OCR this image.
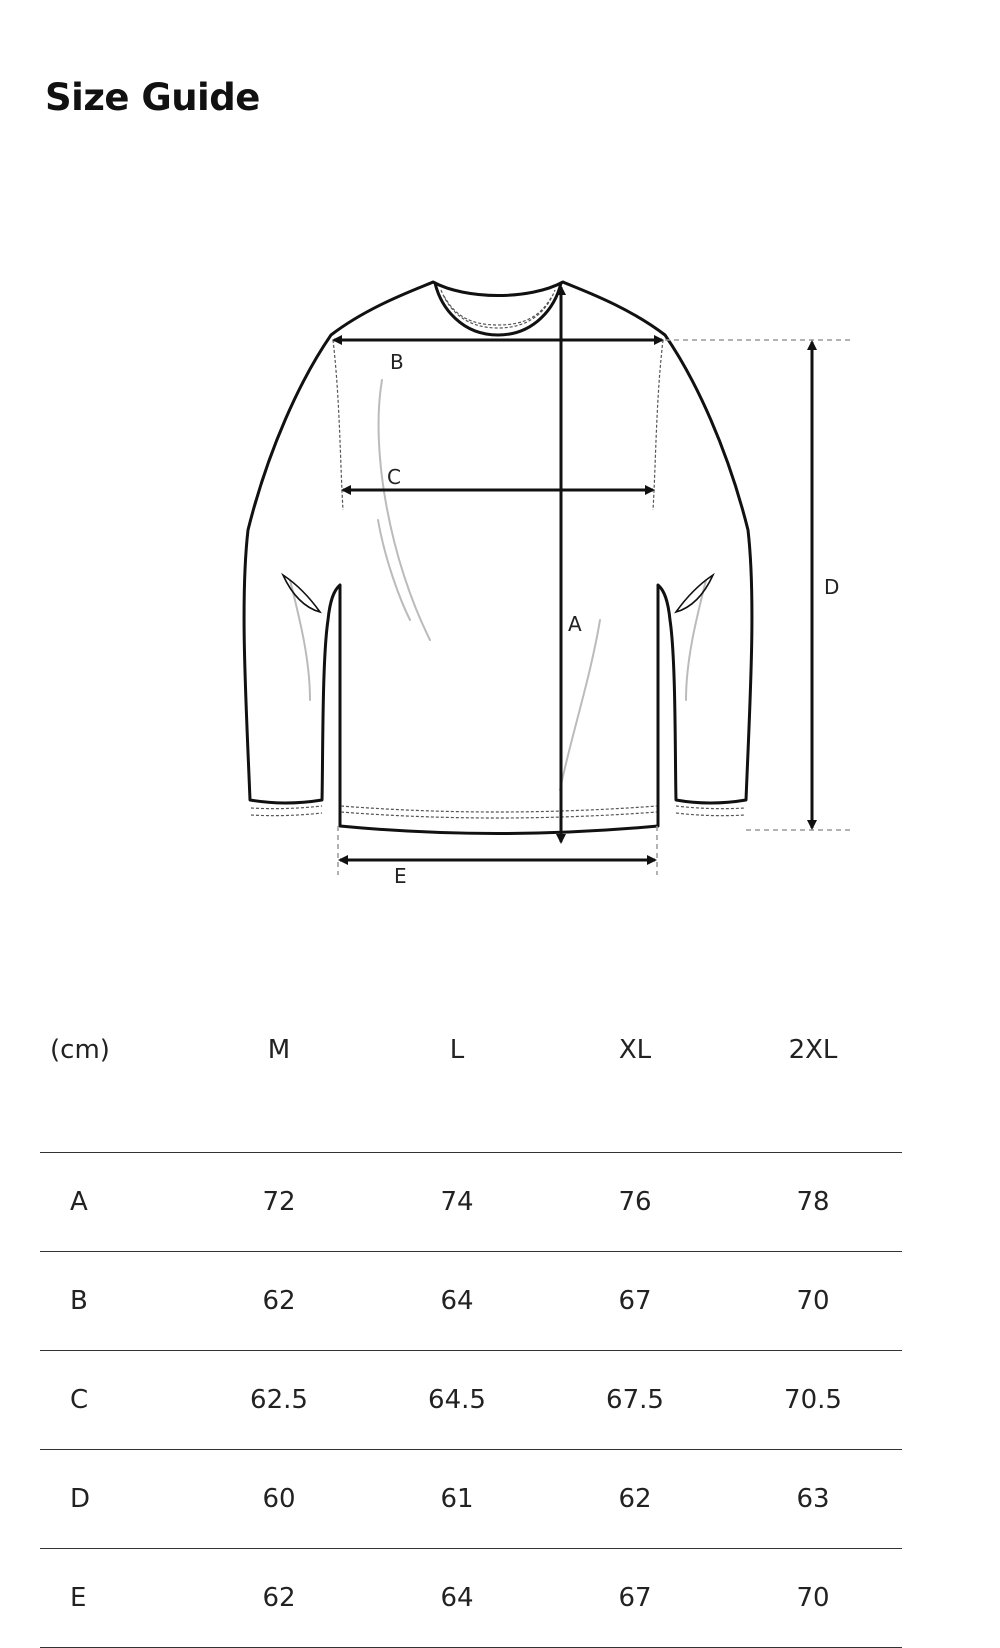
Size Guide
B
C
A
D
E
(cm)	M	L	XL	2XL
A	72	74	76	78
B	62	64	67	70
C	62.5	64.5	67.5	70.5
D	60	61	62	63
E	62	64	67	70
